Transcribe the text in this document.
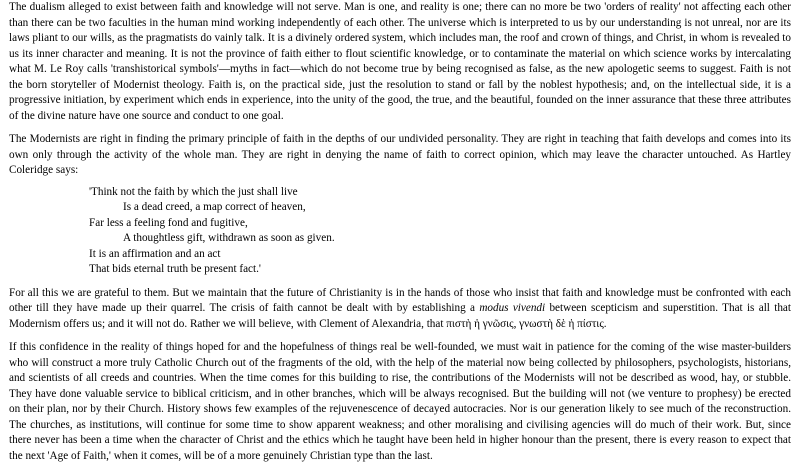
The dualism alleged to exist between faith and knowledge will not serve. Man is one, and reality is one; there can no more be two 'orders of reality' not affecting each other than there can be two faculties in the human mind working independently of each other. The universe which is interpreted to us by our understanding is not unreal, nor are its laws pliant to our wills, as the pragmatists do vainly talk. It is a divinely ordered system, which includes man, the roof and crown of things, and Christ, in whom is revealed to us its inner character and meaning. It is not the province of faith either to flout scientific knowledge, or to contaminate the material on which science works by intercalating what M. Le Roy calls 'transhistorical symbols'—myths in fact—which do not become true by being recognised as false, as the new apologetic seems to suggest. Faith is not the born storyteller of Modernist theology. Faith is, on the practical side, just the resolution to stand or fall by the noblest hypothesis; and, on the intellectual side, it is a progressive initiation, by experiment which ends in experience, into the unity of the good, the true, and the beautiful, founded on the inner assurance that these three attributes of the divine nature have one source and conduct to one goal.

The Modernists are right in finding the primary principle of faith in the depths of our undivided personality. They are right in teaching that faith develops and comes into its own only through the activity of the whole man. They are right in denying the name of faith to correct opinion, which may leave the character untouched. As Hartley Coleridge says:

'Think not the faith by which the just shall live
Is a dead creed, a map correct of heaven,
Far less a feeling fond and fugitive,
A thoughtless gift, withdrawn as soon as given.
It is an affirmation and an act
That bids eternal truth be present fact.'

For all this we are grateful to them. But we maintain that the future of Christianity is in the hands of those who insist that faith and knowledge must be confronted with each other till they have made up their quarrel. The crisis of faith cannot be dealt with by establishing a modus vivendi between scepticism and superstition. That is all that Modernism offers us; and it will not do. Rather we will believe, with Clement of Alexandria, that πιστὴ ἡ γνῶσις, γνωστὴ δὲ ἡ πίστις.

If this confidence in the reality of things hoped for and the hopefulness of things real be well-founded, we must wait in patience for the coming of the wise master-builders who will construct a more truly Catholic Church out of the fragments of the old, with the help of the material now being collected by philosophers, psychologists, historians, and scientists of all creeds and countries. When the time comes for this building to rise, the contributions of the Modernists will not be described as wood, hay, or stubble. They have done valuable service to biblical criticism, and in other branches, which will be always recognised. But the building will not (we venture to prophesy) be erected on their plan, nor by their Church. History shows few examples of the rejuvenescence of decayed autocracies. Nor is our generation likely to see much of the reconstruction. The churches, as institutions, will continue for some time to show apparent weakness; and other moralising and civilising agencies will do much of their work. But, since there never has been a time when the character of Christ and the ethics which he taught have been held in higher honour than the present, there is every reason to expect that the next 'Age of Faith,' when it comes, will be of a more genuinely Christian type than the last.
